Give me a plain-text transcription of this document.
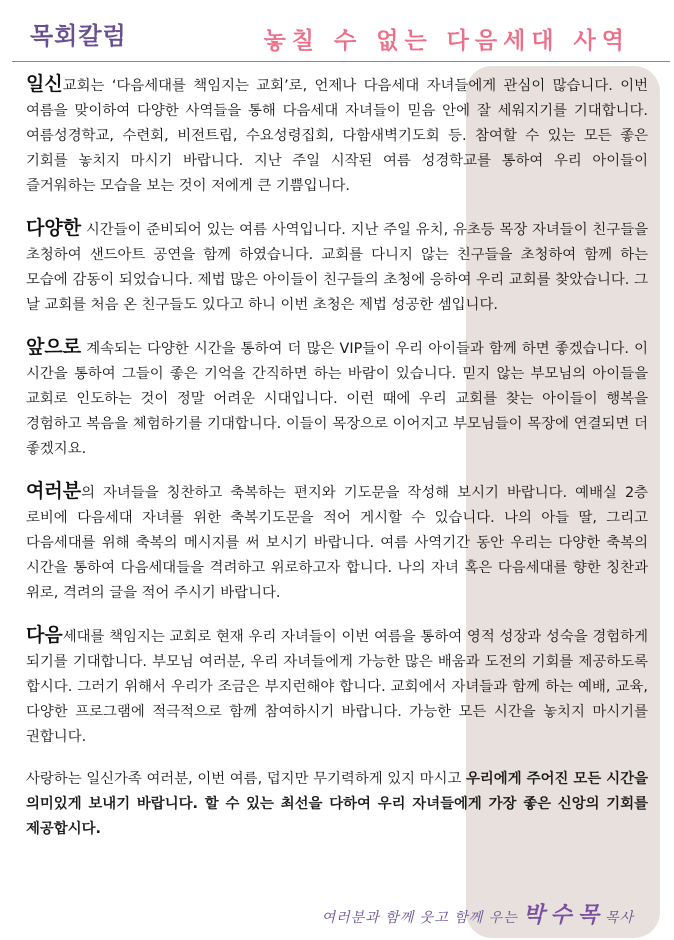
목회칼럼	놓칠 수 없는 다음세대 사역

일신교회는 ‘다음세대를 책임지는 교회’로, 언제나 다음세대 자녀들에게 관심이 많습니다. 이번 여름을 맞이하여 다양한 사역들을 통해 다음세대 자녀들이 믿음 안에 잘 세워지기를 기대합니다. 여름성경학교, 수련회, 비전트립, 수요성령집회, 다함새벽기도회 등. 참여할 수 있는 모든 좋은 기회를 놓치지 마시기 바랍니다. 지난 주일 시작된 여름 성경학교를 통하여 우리 아이들이 즐거워하는 모습을 보는 것이 저에게 큰 기쁨입니다.

다양한 시간들이 준비되어 있는 여름 사역입니다. 지난 주일 유치, 유초등 목장 자녀들이 친구들을 초청하여 샌드아트 공연을 함께 하였습니다. 교회를 다니지 않는 친구들을 초청하여 함께 하는 모습에 감동이 되었습니다. 제법 많은 아이들이 친구들의 초청에 응하여 우리 교회를 찾았습니다. 그 날 교회를 처음 온 친구들도 있다고 하니 이번 초청은 제법 성공한 셈입니다.

앞으로 계속되는 다양한 시간을 통하여 더 많은 VIP들이 우리 아이들과 함께 하면 좋겠습니다. 이 시간을 통하여 그들이 좋은 기억을 간직하면 하는 바람이 있습니다. 믿지 않는 부모님의 아이들을 교회로 인도하는 것이 정말 어려운 시대입니다. 이런 때에 우리 교회를 찾는 아이들이 행복을 경험하고 복음을 체험하기를 기대합니다. 이들이 목장으로 이어지고 부모님들이 목장에 연결되면 더 좋겠지요.

여러분의 자녀들을 칭찬하고 축복하는 편지와 기도문을 작성해 보시기 바랍니다. 예배실 2층 로비에 다음세대 자녀를 위한 축복기도문을 적어 게시할 수 있습니다. 나의 아들 딸, 그리고 다음세대를 위해 축복의 메시지를 써 보시기 바랍니다. 여름 사역기간 동안 우리는 다양한 축복의 시간을 통하여 다음세대들을 격려하고 위로하고자 합니다. 나의 자녀 혹은 다음세대를 향한 칭찬과 위로, 격려의 글을 적어 주시기 바랍니다.

다음세대를 책임지는 교회로 현재 우리 자녀들이 이번 여름을 통하여 영적 성장과 성숙을 경험하게 되기를 기대합니다. 부모님 여러분, 우리 자녀들에게 가능한 많은 배움과 도전의 기회를 제공하도록 합시다. 그러기 위해서 우리가 조금은 부지런해야 합니다. 교회에서 자녀들과 함께 하는 예배, 교육, 다양한 프로그램에 적극적으로 함께 참여하시기 바랍니다. 가능한 모든 시간을 놓치지 마시기를 권합니다.

사랑하는 일신가족 여러분, 이번 여름, 덥지만 무기력하게 있지 마시고 우리에게 주어진 모든 시간을 의미있게 보내기 바랍니다. 할 수 있는 최선을 다하여 우리 자녀들에게 가장 좋은 신앙의 기회를 제공합시다.

여러분과 함께 웃고 함께 우는 박수목목사
